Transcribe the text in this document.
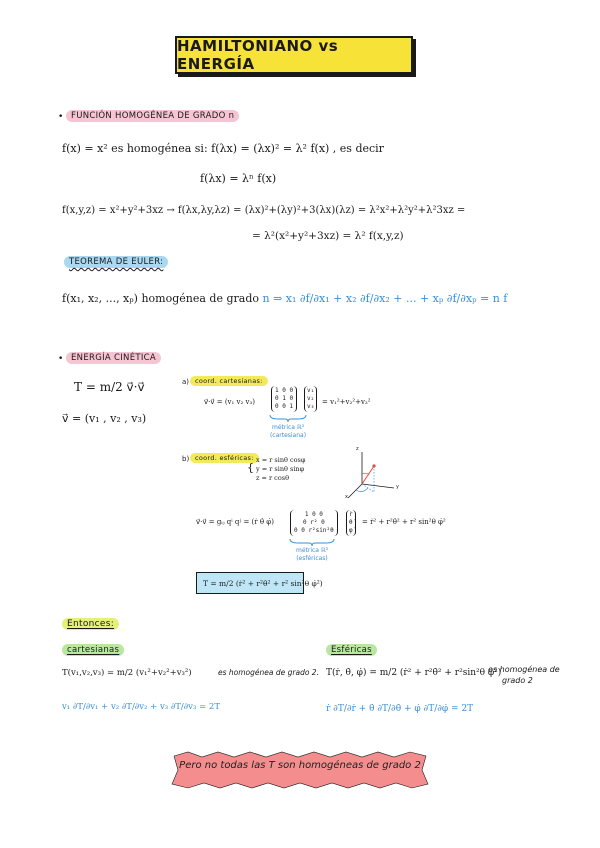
HAMILTONIANO vs ENERGÍA
• FUNCIÓN HOMOGÉNEA DE GRADO n
f(x) = x² es homogénea si: f(λx) = (λx)² = λ² f(x) , es decir
f(λx) = λⁿ f(x)
f(x,y,z) = x²+y²+3xz → f(λx,λy,λz) = (λx)²+(λy)²+3(λx)(λz) = λ²x²+λ²y²+λ²3xz =
= λ²(x²+y²+3xz) = λ² f(x,y,z)
TEOREMA DE EULER:
f(x₁, x₂, ..., xₚ) homogénea de grado n ⇒ x₁ ∂f/∂x₁ + x₂ ∂f/∂x₂ + ... + xₚ ∂f/∂xₚ = n f
• ENERGÍA CINÉTICA
T = m/2 v⃗·v⃗
v⃗ = (v₁ , v₂ , v₃)
a) coord. cartesianas:
v⃗·v⃗ = (v₁ v₂ v₃)
1 0 0
0 1 0
0 0 1
v₁
v₂
v₃
= v₁²+v₂²+v₃²
métrica ℝ³
(cartesiana)
b) coord. esféricas:
{
x = r sinθ cosφ
y = r sinθ sinφ
z = r cosθ
z
y
x
v⃗·v⃗ = gᵢⱼ qⁱ qʲ = (ṙ θ̇ φ̇)
1 0 0
0 r² 0
0 0 r²sin²θ
ṙ
θ̇
φ̇
= ṙ² + r²θ̇² + r² sin²θ φ̇²
métrica ℝ³
(esféricas)
T = m/2 (ṙ² + r²θ̇² + r² sin²θ φ̇²)
Entonces:
cartesianas
T(v₁,v₂,v₃) = m/2 (v₁²+v₂²+v₃²)	es homogénea de grado 2.
v₁ ∂T/∂v₁ + v₂ ∂T/∂v₂ + v₃ ∂T/∂v₃ = 2T
Esféricas
T(ṙ, θ̇, φ̇) = m/2 (ṙ² + r²θ̇² + r²sin²θ φ̇²)
es homogénea de
grado 2
ṙ ∂T/∂ṙ + θ̇ ∂T/∂θ̇ + φ̇ ∂T/∂φ̇ = 2T
Pero no todas las T son homogéneas de grado 2
